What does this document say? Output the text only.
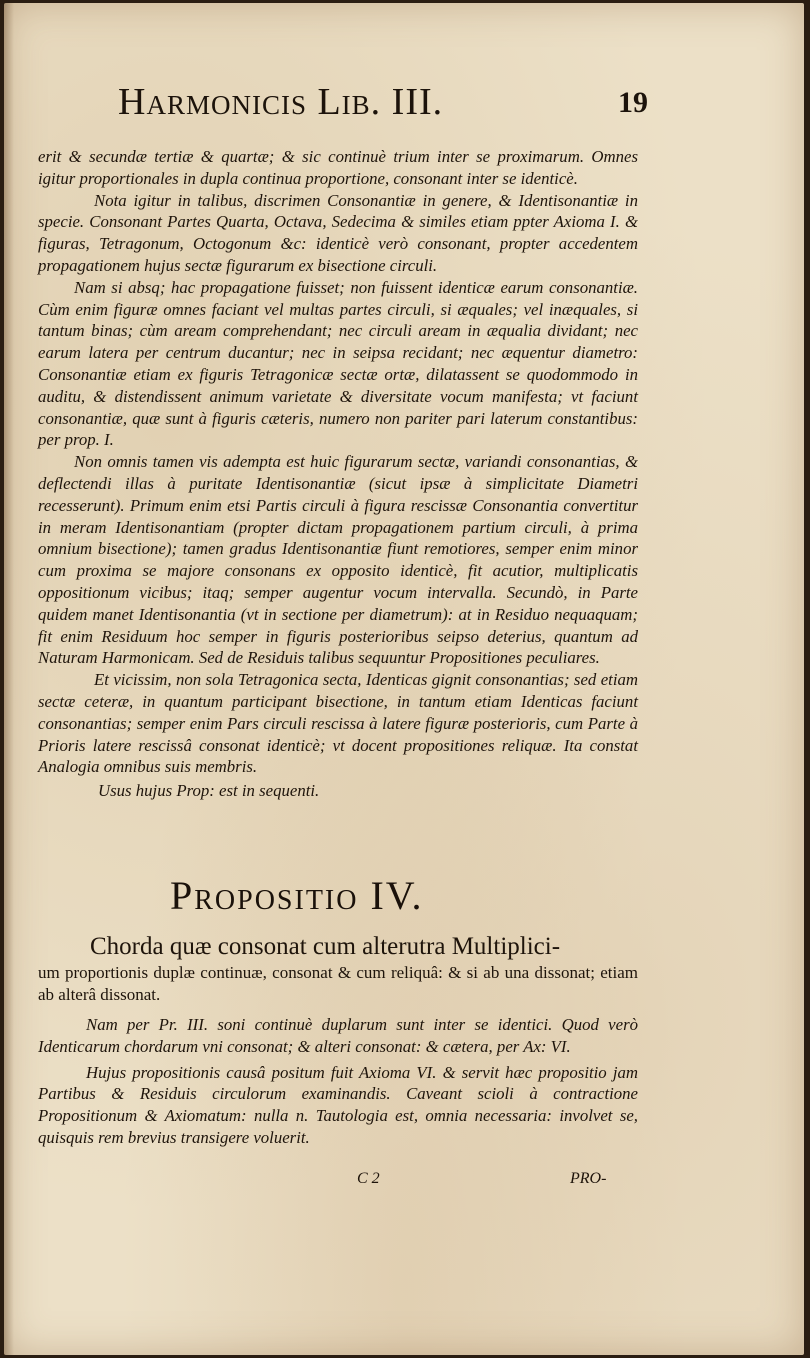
Harmonicis Lib. III.	19

erit & secundæ tertiæ & quartæ; & sic continuè trium inter se proximarum. Omnes igitur proportionales in dupla continua proportione, consonant inter se identicè.

Nota igitur in talibus, discrimen Consonantiæ in genere, & Identisonantiæ in specie. Consonant Partes Quarta, Octava, Sedecima & similes etiam ppter Axioma I. & figuras, Tetragonum, Octogonum &c: identicè verò consonant, propter accedentem propagationem hujus sectæ figurarum ex bisectione circuli.

Nam si absq; hac propagatione fuisset; non fuissent identicæ earum consonantiæ. Cùm enim figuræ omnes faciant vel multas partes circuli, si æquales; vel inæquales, si tantum binas; cùm aream comprehendant; nec circuli aream in æqualia dividant; nec earum latera per centrum ducantur; nec in seipsa recidant; nec æquentur diametro: Consonantiæ etiam ex figuris Tetragonicæ sectæ ortæ, dilatassent se quodommodo in auditu, & distendissent animum varietate & diversitate vocum manifesta; vt faciunt consonantiæ, quæ sunt à figuris cæteris, numero non pariter pari laterum constantibus: per prop. I.

Non omnis tamen vis adempta est huic figurarum sectæ, variandi consonantias, & deflectendi illas à puritate Identisonantiæ (sicut ipsæ à simplicitate Diametri recesserunt). Primum enim etsi Partis circuli à figura rescissæ Consonantia convertitur in meram Identisonantiam (propter dictam propagationem partium circuli, à prima omnium bisectione); tamen gradus Identisonantiæ fiunt remotiores, semper enim minor cum proxima se majore consonans ex opposito identicè, fit acutior, multiplicatis oppositionum vicibus; itaq; semper augentur vocum intervalla. Secundò, in Parte quidem manet Identisonantia (vt in sectione per diametrum): at in Residuo nequaquam; fit enim Residuum hoc semper in figuris posterioribus seipso deterius, quantum ad Naturam Harmonicam. Sed de Residuis talibus sequuntur Propositiones peculiares.

Et vicissim, non sola Tetragonica secta, Identicas gignit consonantias; sed etiam sectæ ceteræ, in quantum participant bisectione, in tantum etiam Identicas faciunt consonantias; semper enim Pars circuli rescissa à latere figuræ posterioris, cum Parte à Prioris latere rescissâ consonat identicè; vt docent propositiones reliquæ. Ita constat Analogia omnibus suis membris.

Usus hujus Prop: est in sequenti.

Propositio IV.

Chorda quæ consonat cum alterutra Multiplici-

um proportionis duplæ continuæ, consonat & cum reliquâ: & si ab una dissonat; etiam ab alterâ dissonat.

Nam per Pr. III. soni continuè duplarum sunt inter se identici. Quod verò Identicarum chordarum vni consonat; & alteri consonat: & cætera, per Ax: VI.

Hujus propositionis causâ positum fuit Axioma VI. & servit hæc propositio jam Partibus & Residuis circulorum examinandis. Caveant scioli à contractione Propositionum & Axiomatum: nulla n. Tautologia est, omnia necessaria: involvet se, quisquis rem brevius transigere voluerit.

C 2	PRO-
